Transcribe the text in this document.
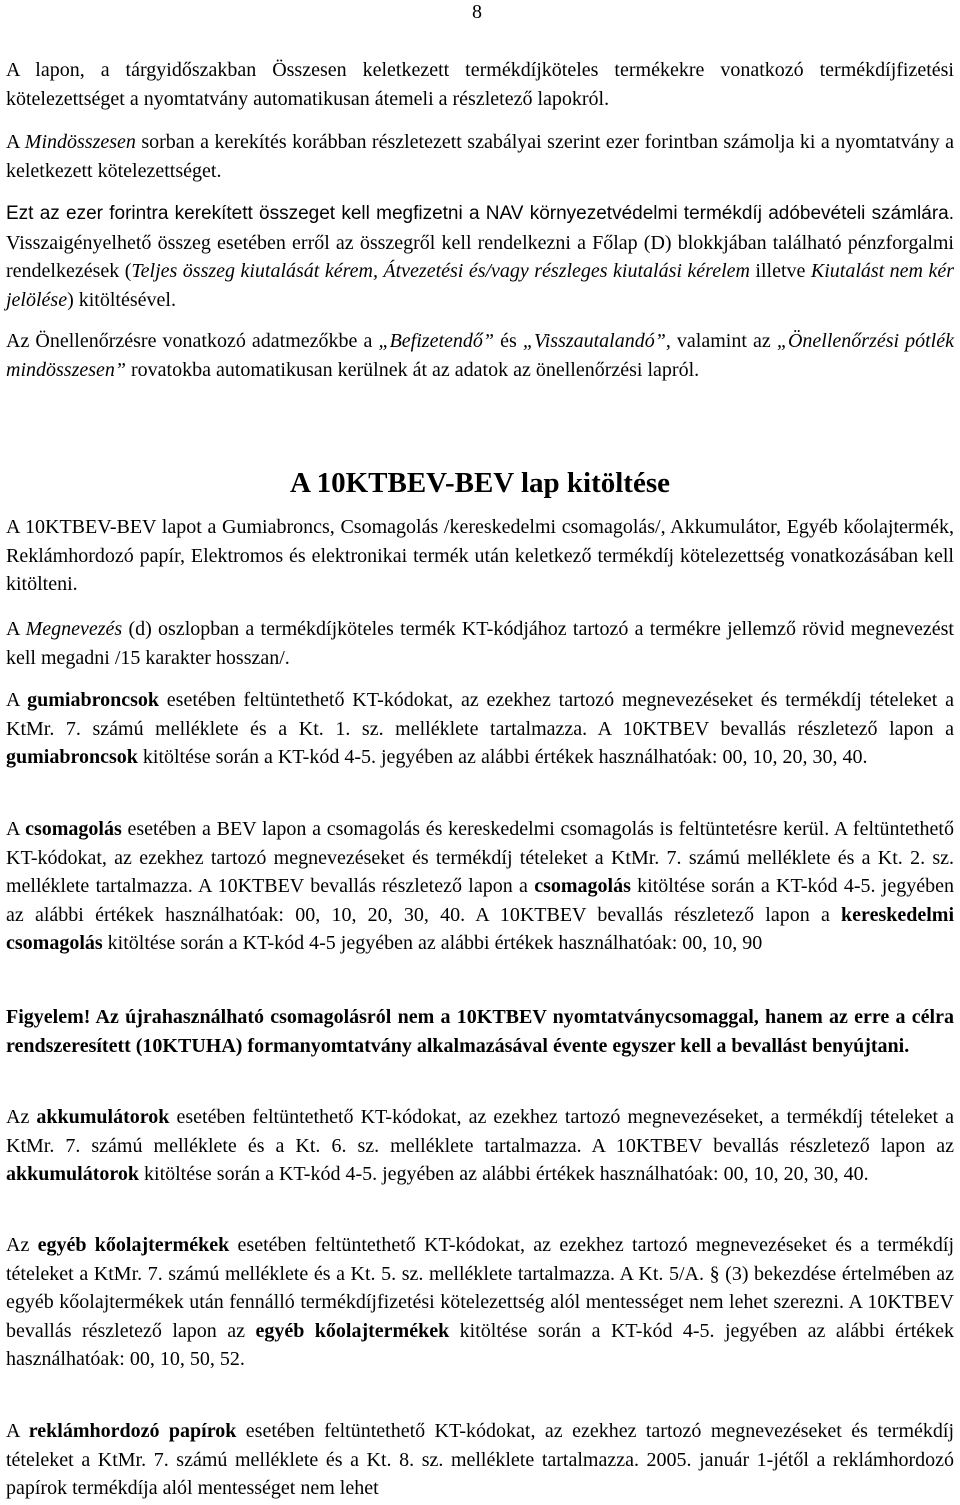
8

A lapon, a tárgyidőszakban Összesen keletkezett termékdíjköteles termékekre vonatkozó termékdíjfizetési kötelezettséget a nyomtatvány automatikusan átemeli a részletező lapokról.

A Mindösszesen sorban a kerekítés korábban részletezett szabályai szerint ezer forintban számolja ki a nyomtatvány a keletkezett kötelezettséget.

Ezt az ezer forintra kerekített összeget kell megfizetni a NAV környezetvédelmi termékdíj adóbevételi számlára. Visszaigényelhető összeg esetében erről az összegről kell rendelkezni a Főlap (D) blokkjában található pénzforgalmi rendelkezések (Teljes összeg kiutalását kérem, Átvezetési és/vagy részleges kiutalási kérelem illetve Kiutalást nem kér jelölése) kitöltésével.

Az Önellenőrzésre vonatkozó adatmezőkbe a „Befizetendő” és „Visszautalandó”, valamint az „Önellenőrzési pótlék mindösszesen” rovatokba automatikusan kerülnek át az adatok az önellenőrzési lapról.

A 10KTBEV-BEV lap kitöltése

A 10KTBEV-BEV lapot a Gumiabroncs, Csomagolás /kereskedelmi csomagolás/, Akkumulátor, Egyéb kőolajtermék, Reklámhordozó papír, Elektromos és elektronikai termék után keletkező termékdíj kötelezettség vonatkozásában kell kitölteni.

A Megnevezés (d) oszlopban a termékdíjköteles termék KT-kódjához tartozó a termékre jellemző rövid megnevezést kell megadni /15 karakter hosszan/.

A gumiabroncsok esetében feltüntethető KT-kódokat, az ezekhez tartozó megnevezéseket és termékdíj tételeket a KtMr. 7. számú melléklete és a Kt. 1. sz. melléklete tartalmazza. A 10KTBEV bevallás részletező lapon a gumiabroncsok kitöltése során a KT-kód 4-5. jegyében az alábbi értékek használhatóak: 00, 10, 20, 30, 40.

A csomagolás esetében a BEV lapon a csomagolás és kereskedelmi csomagolás is feltüntetésre kerül. A feltüntethető KT-kódokat, az ezekhez tartozó megnevezéseket és termékdíj tételeket a KtMr. 7. számú melléklete és a Kt. 2. sz. melléklete tartalmazza. A 10KTBEV bevallás részletező lapon a csomagolás kitöltése során a KT-kód 4-5. jegyében az alábbi értékek használhatóak: 00, 10, 20, 30, 40. A 10KTBEV bevallás részletező lapon a kereskedelmi csomagolás kitöltése során a KT-kód 4-5 jegyében az alábbi értékek használhatóak: 00, 10, 90

Figyelem! Az újrahasználható csomagolásról nem a 10KTBEV nyomtatványcsomaggal, hanem az erre a célra rendszeresített (10KTUHA) formanyomtatvány alkalmazásával évente egyszer kell a bevallást benyújtani.

Az akkumulátorok esetében feltüntethető KT-kódokat, az ezekhez tartozó megnevezéseket, a termékdíj tételeket a KtMr. 7. számú melléklete és a Kt. 6. sz. melléklete tartalmazza. A 10KTBEV bevallás részletező lapon az akkumulátorok kitöltése során a KT-kód 4-5. jegyében az alábbi értékek használhatóak: 00, 10, 20, 30, 40.

Az egyéb kőolajtermékek esetében feltüntethető KT-kódokat, az ezekhez tartozó megnevezéseket és a termékdíj tételeket a KtMr. 7. számú melléklete és a Kt. 5. sz. melléklete tartalmazza. A Kt. 5/A. § (3) bekezdése értelmében az egyéb kőolajtermékek után fennálló termékdíjfizetési kötelezettség alól mentességet nem lehet szerezni. A 10KTBEV bevallás részletező lapon az egyéb kőolajtermékek kitöltése során a KT-kód 4-5. jegyében az alábbi értékek használhatóak: 00, 10, 50, 52.

A reklámhordozó papírok esetében feltüntethető KT-kódokat, az ezekhez tartozó megnevezéseket és termékdíj tételeket a KtMr. 7. számú melléklete és a Kt. 8. sz. melléklete tartalmazza. 2005. január 1-jétől a reklámhordozó papírok termékdíja alól mentességet nem lehet
